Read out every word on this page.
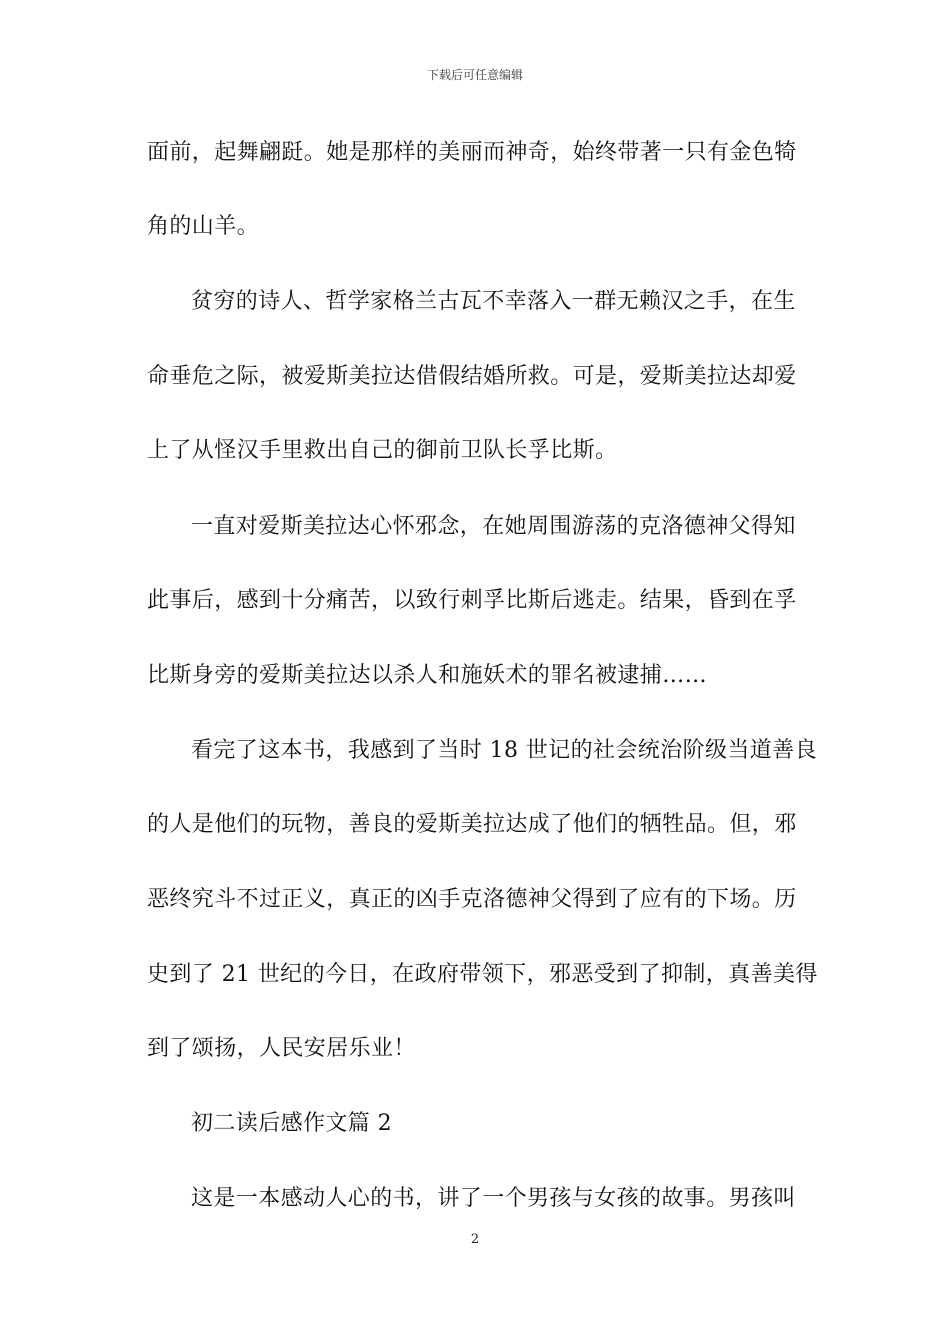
下载后可任意编辑
面前，起舞翩跹。她是那样的美丽而神奇，始终带著一只有金色犄
角的山羊。
贫穷的诗人、哲学家格兰古瓦不幸落入一群无赖汉之手，在生
命垂危之际，被爱斯美拉达借假结婚所救。可是，爱斯美拉达却爱
上了从怪汉手里救出自己的御前卫队长孚比斯。
一直对爱斯美拉达心怀邪念，在她周围游荡的克洛德神父得知
此事后，感到十分痛苦，以致行刺孚比斯后逃走。结果，昏到在孚
比斯身旁的爱斯美拉达以杀人和施妖术的罪名被逮捕……
看完了这本书，我感到了当时 18 世记的社会统治阶级当道善良
的人是他们的玩物，善良的爱斯美拉达成了他们的牺牲品。但，邪
恶终究斗不过正义，真正的凶手克洛德神父得到了应有的下场。历
史到了 21 世纪的今日，在政府带领下，邪恶受到了抑制，真善美得
到了颂扬，人民安居乐业！
初二读后感作文篇 2
这是一本感动人心的书，讲了一个男孩与女孩的故事。男孩叫
2
